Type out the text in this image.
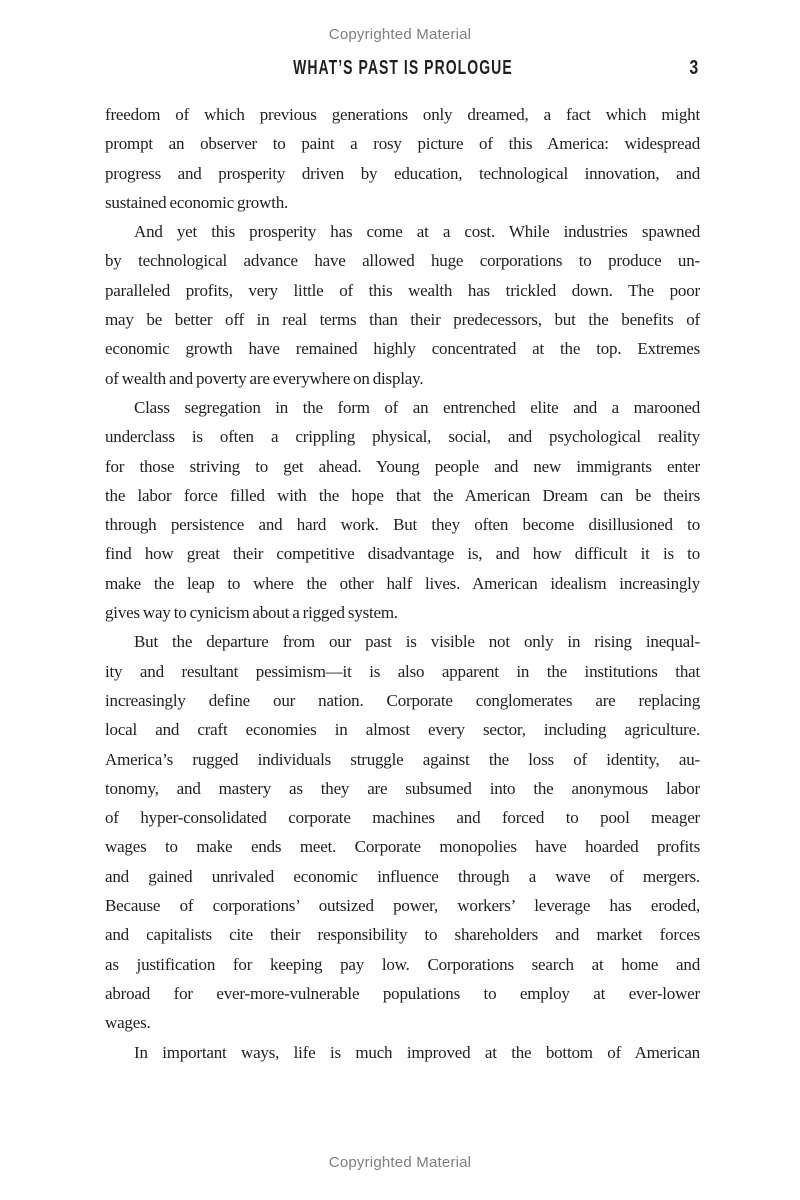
Copyrighted Material
WHAT’S PAST IS PROLOGUE	3
freedom of which previous generations only dreamed, a fact which might
prompt an observer to paint a rosy picture of this America: widespread
progress and prosperity driven by education, technological innovation, and
sustained economic growth.
And yet this prosperity has come at a cost. While industries spawned
by technological advance have allowed huge corporations to produce un-
paralleled profits, very little of this wealth has trickled down. The poor
may be better off in real terms than their predecessors, but the benefits of
economic growth have remained highly concentrated at the top. Extremes
of wealth and poverty are everywhere on display.
Class segregation in the form of an entrenched elite and a marooned
underclass is often a crippling physical, social, and psychological reality
for those striving to get ahead. Young people and new immigrants enter
the labor force filled with the hope that the American Dream can be theirs
through persistence and hard work. But they often become disillusioned to
find how great their competitive disadvantage is, and how difficult it is to
make the leap to where the other half lives. American idealism increasingly
gives way to cynicism about a rigged system.
But the departure from our past is visible not only in rising inequal-
ity and resultant pessimism—it is also apparent in the institutions that
increasingly define our nation. Corporate conglomerates are replacing
local and craft economies in almost every sector, including agriculture.
America’s rugged individuals struggle against the loss of identity, au-
tonomy, and mastery as they are subsumed into the anonymous labor
of hyper-consolidated corporate machines and forced to pool meager
wages to make ends meet. Corporate monopolies have hoarded profits
and gained unrivaled economic influence through a wave of mergers.
Because of corporations’ outsized power, workers’ leverage has eroded,
and capitalists cite their responsibility to shareholders and market forces
as justification for keeping pay low. Corporations search at home and
abroad for ever-more-vulnerable populations to employ at ever-lower
wages.
In important ways, life is much improved at the bottom of American
Copyrighted Material
